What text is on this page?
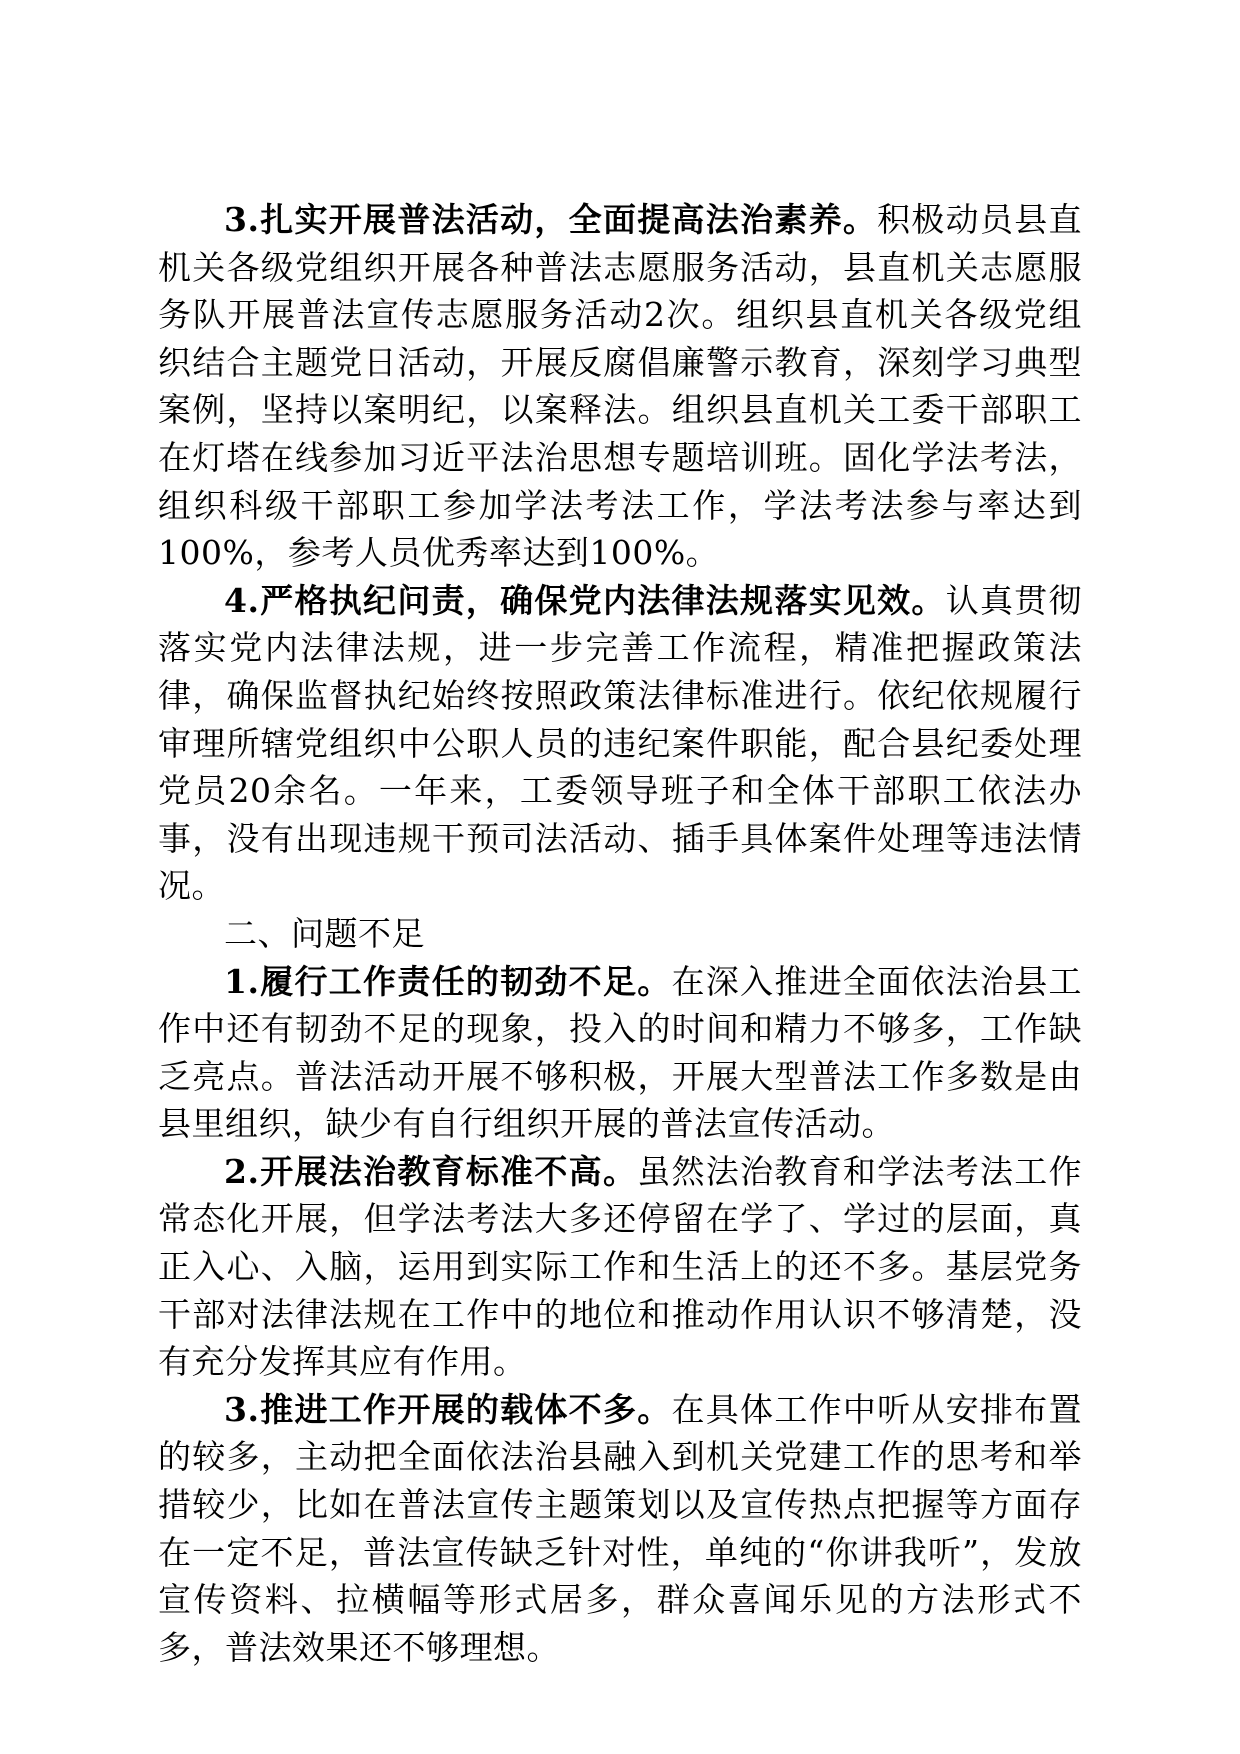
3.扎实开展普法活动，全面提高法治素养。积极动员县直机关各级党组织开展各种普法志愿服务活动，县直机关志愿服务队开展普法宣传志愿服务活动2次。组织县直机关各级党组织结合主题党日活动，开展反腐倡廉警示教育，深刻学习典型案例，坚持以案明纪，以案释法。组织县直机关工委干部职工在灯塔在线参加习近平法治思想专题培训班。固化学法考法，组织科级干部职工参加学法考法工作，学法考法参与率达到100%，参考人员优秀率达到100%。

4.严格执纪问责，确保党内法律法规落实见效。认真贯彻落实党内法律法规，进一步完善工作流程，精准把握政策法律，确保监督执纪始终按照政策法律标准进行。依纪依规履行审理所辖党组织中公职人员的违纪案件职能，配合县纪委处理党员20余名。一年来，工委领导班子和全体干部职工依法办事，没有出现违规干预司法活动、插手具体案件处理等违法情况。

二、问题不足

1.履行工作责任的韧劲不足。在深入推进全面依法治县工作中还有韧劲不足的现象，投入的时间和精力不够多，工作缺乏亮点。普法活动开展不够积极，开展大型普法工作多数是由县里组织，缺少有自行组织开展的普法宣传活动。

2.开展法治教育标准不高。虽然法治教育和学法考法工作常态化开展，但学法考法大多还停留在学了、学过的层面，真正入心、入脑，运用到实际工作和生活上的还不多。基层党务干部对法律法规在工作中的地位和推动作用认识不够清楚，没有充分发挥其应有作用。

3.推进工作开展的载体不多。在具体工作中听从安排布置的较多，主动把全面依法治县融入到机关党建工作的思考和举措较少，比如在普法宣传主题策划以及宣传热点把握等方面存在一定不足，普法宣传缺乏针对性，单纯的“你讲我听”，发放宣传资料、拉横幅等形式居多，群众喜闻乐见的方法形式不多，普法效果还不够理想。
